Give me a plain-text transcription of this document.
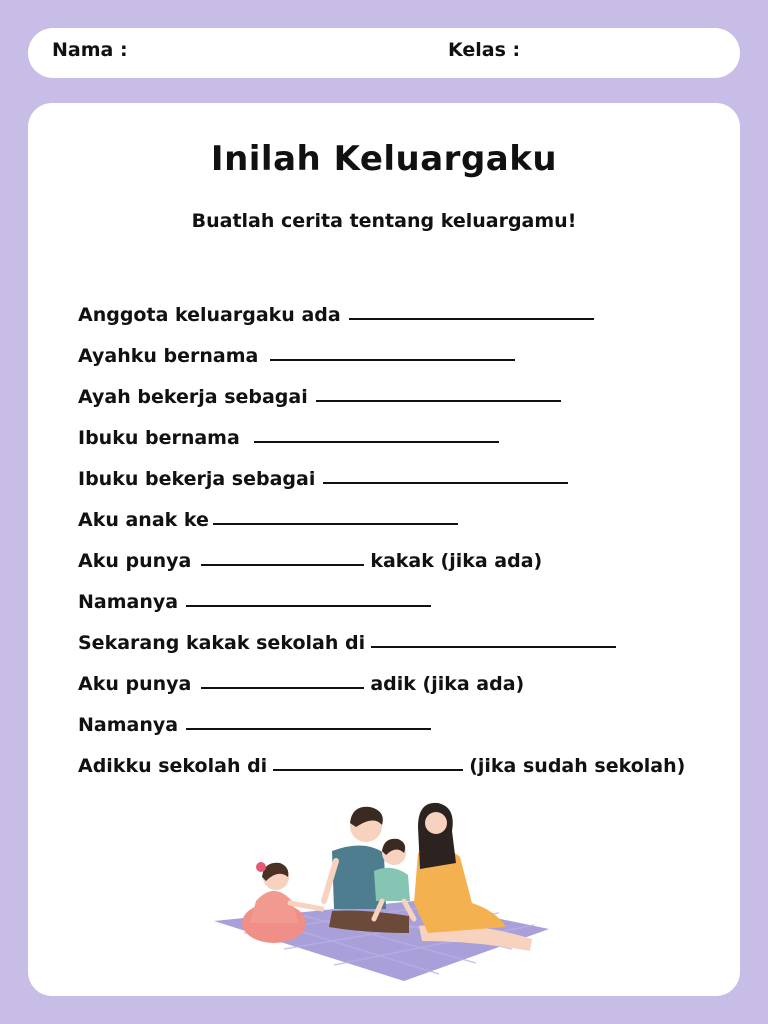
Nama :	Kelas :
Inilah Keluargaku
Buatlah cerita tentang keluargamu!
Anggota keluargaku ada
Ayahku bernama
Ayah bekerja sebagai
Ibuku bernama
Ibuku bekerja sebagai
Aku anak ke
Aku punya	kakak (jika ada)
Namanya
Sekarang kakak sekolah di
Aku punya	adik (jika ada)
Namanya
Adikku sekolah di	(jika sudah sekolah)
